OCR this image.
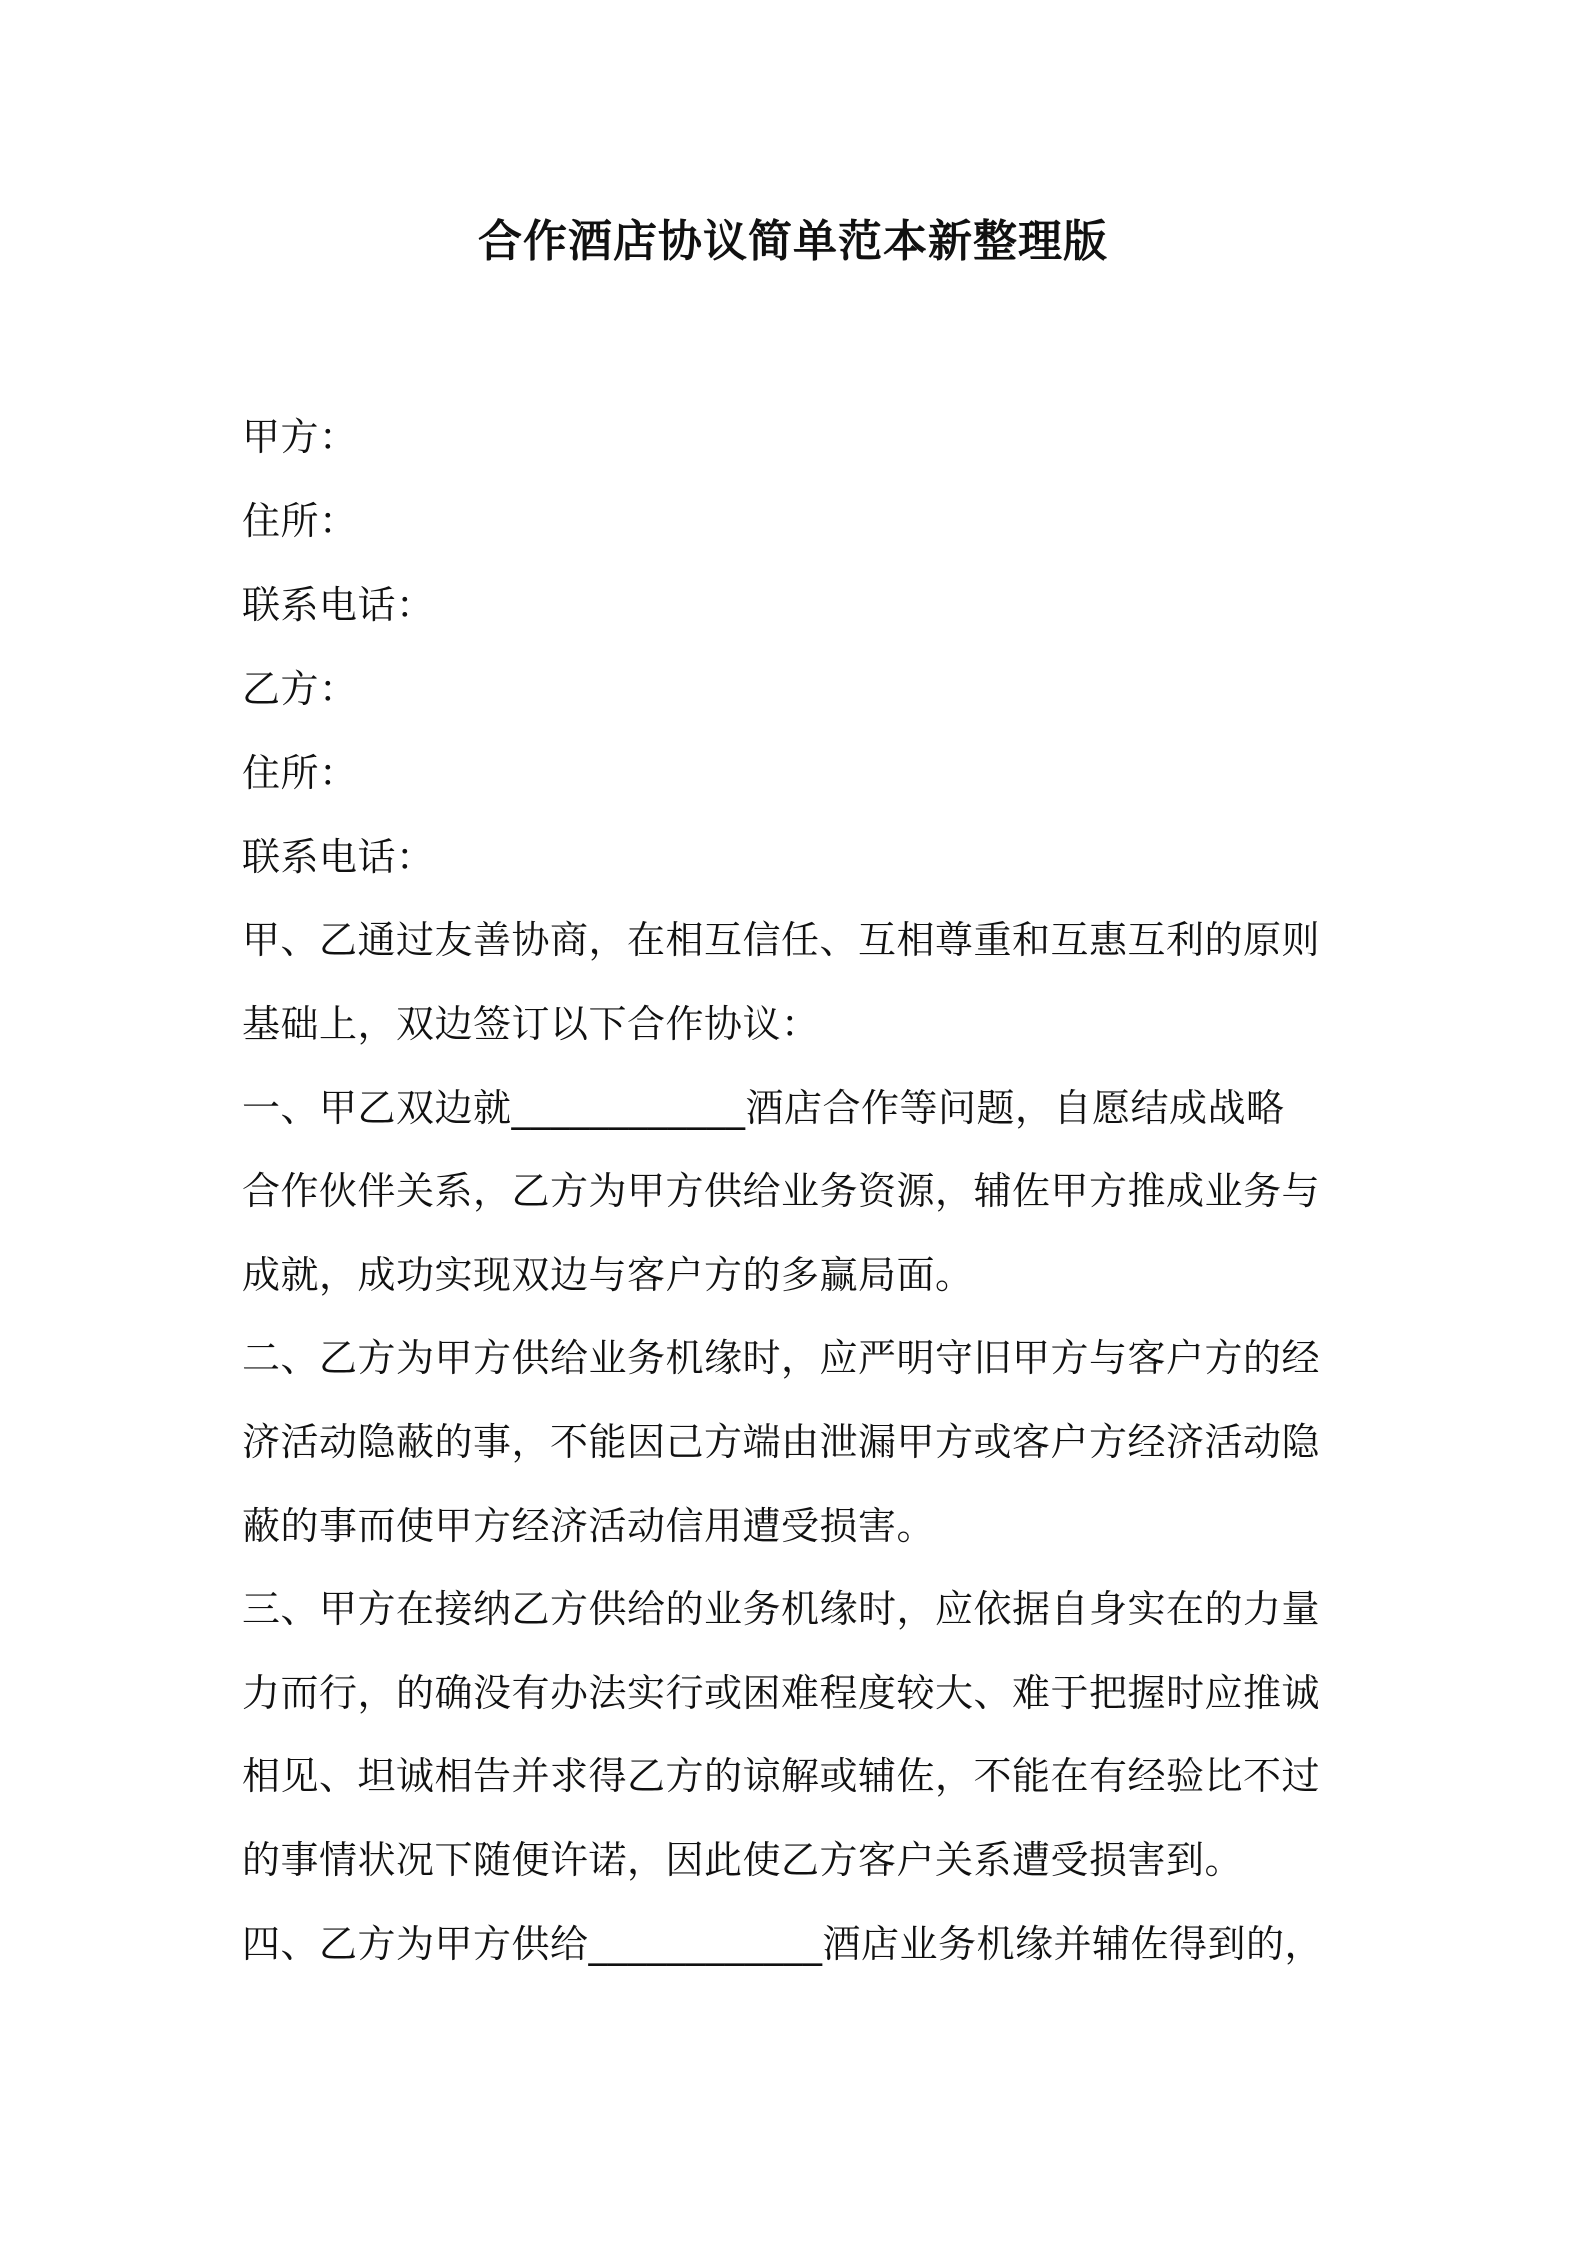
合作酒店协议简单范本新整理版
甲方：
住所：
联系电话：
乙方：
住所：
联系电话：
甲、乙通过友善协商，在相互信任、互相尊重和互惠互利的原则
基础上，双边签订以下合作协议：
一、甲乙双边就____________酒店合作等问题，自愿结成战略
合作伙伴关系，乙方为甲方供给业务资源，辅佐甲方推成业务与
成就，成功实现双边与客户方的多赢局面。
二、乙方为甲方供给业务机缘时，应严明守旧甲方与客户方的经
济活动隐蔽的事，不能因己方端由泄漏甲方或客户方经济活动隐
蔽的事而使甲方经济活动信用遭受损害。
三、甲方在接纳乙方供给的业务机缘时，应依据自身实在的力量
力而行，的确没有办法实行或困难程度较大、难于把握时应推诚
相见、坦诚相告并求得乙方的谅解或辅佐，不能在有经验比不过
的事情状况下随便许诺，因此使乙方客户关系遭受损害到。
四、乙方为甲方供给____________酒店业务机缘并辅佐得到的，
